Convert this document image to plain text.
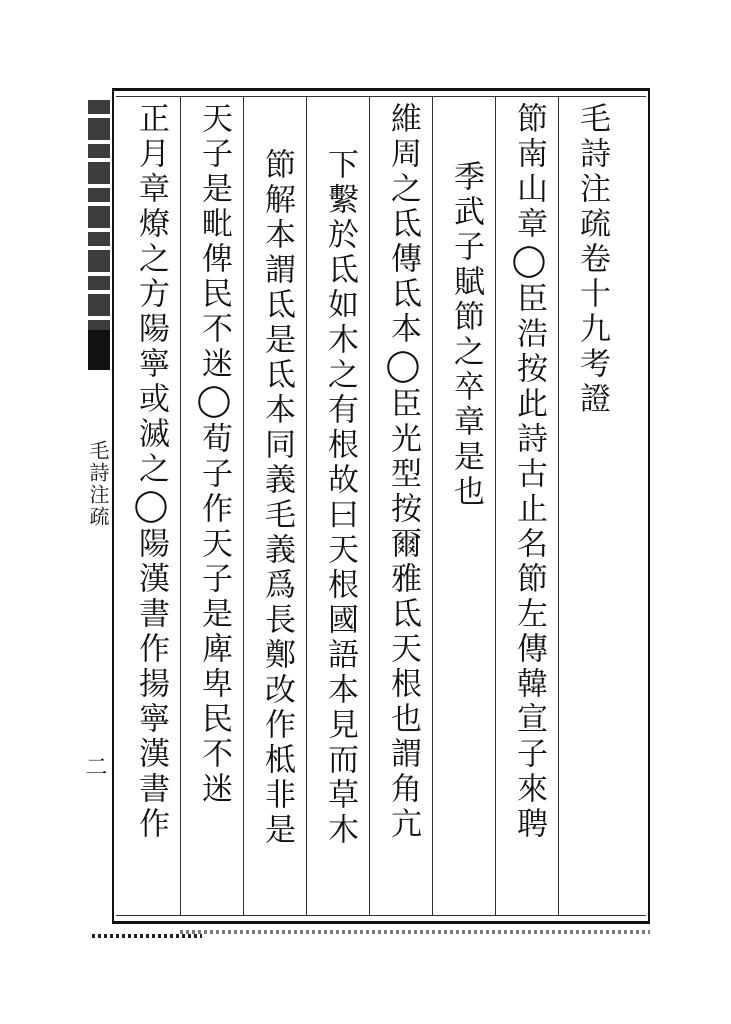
毛詩注疏
二
毛詩注疏卷十九考證
節南山章◯臣浩按此詩古止名節左傳韓宣子來聘
季武子賦節之卒章是也
維周之氐傳氐本◯臣光型按爾雅氐天根也謂角亢
下繫於氐如木之有根故曰天根國語本見而草木
節解本謂氐是氐本同義毛義爲長鄭改作柢非是
天子是毗俾民不迷◯荀子作天子是庳卑民不迷
正月章燎之方陽寧或滅之◯陽漢書作揚寧漢書作
